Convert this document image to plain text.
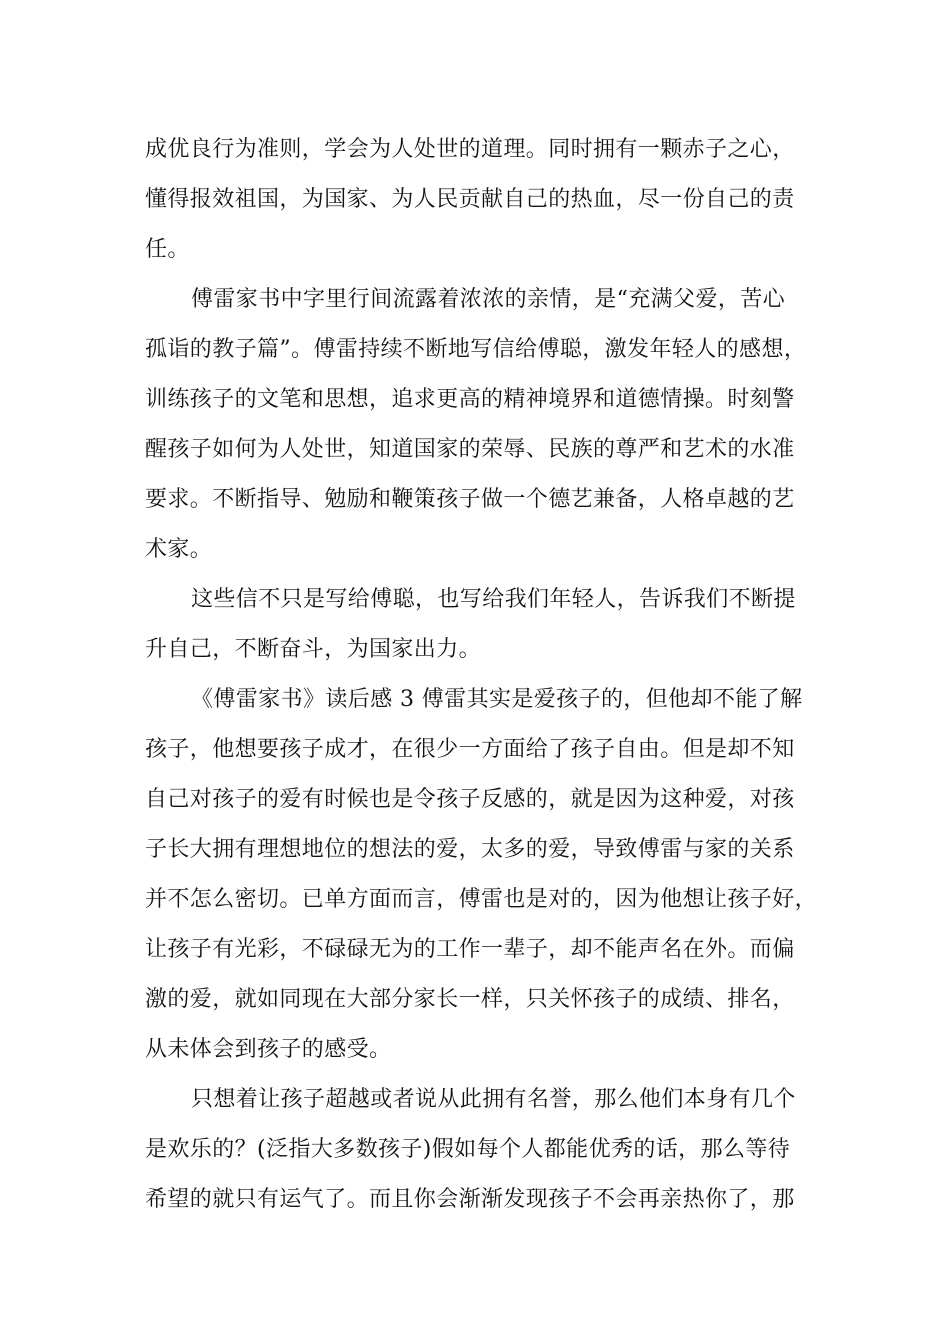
成优良行为准则，学会为人处世的道理。同时拥有一颗赤子之心，
懂得报效祖国，为国家、为人民贡献自己的热血，尽一份自己的责
任。
傅雷家书中字里行间流露着浓浓的亲情，是“充满父爱，苦心
孤诣的教子篇”。傅雷持续不断地写信给傅聪，激发年轻人的感想，
训练孩子的文笔和思想，追求更高的精神境界和道德情操。时刻警
醒孩子如何为人处世，知道国家的荣辱、民族的尊严和艺术的水准
要求。不断指导、勉励和鞭策孩子做一个德艺兼备，人格卓越的艺
术家。
这些信不只是写给傅聪，也写给我们年轻人，告诉我们不断提
升自己，不断奋斗，为国家出力。
《傅雷家书》读后感 3 傅雷其实是爱孩子的，但他却不能了解
孩子，他想要孩子成才，在很少一方面给了孩子自由。但是却不知
自己对孩子的爱有时候也是令孩子反感的，就是因为这种爱，对孩
子长大拥有理想地位的想法的爱，太多的爱，导致傅雷与家的关系
并不怎么密切。已单方面而言，傅雷也是对的，因为他想让孩子好，
让孩子有光彩，不碌碌无为的工作一辈子，却不能声名在外。而偏
激的爱，就如同现在大部分家长一样，只关怀孩子的成绩、排名，
从未体会到孩子的感受。
只想着让孩子超越或者说从此拥有名誉，那么他们本身有几个
是欢乐的？(泛指大多数孩子)假如每个人都能优秀的话，那么等待
希望的就只有运气了。而且你会渐渐发现孩子不会再亲热你了，那
